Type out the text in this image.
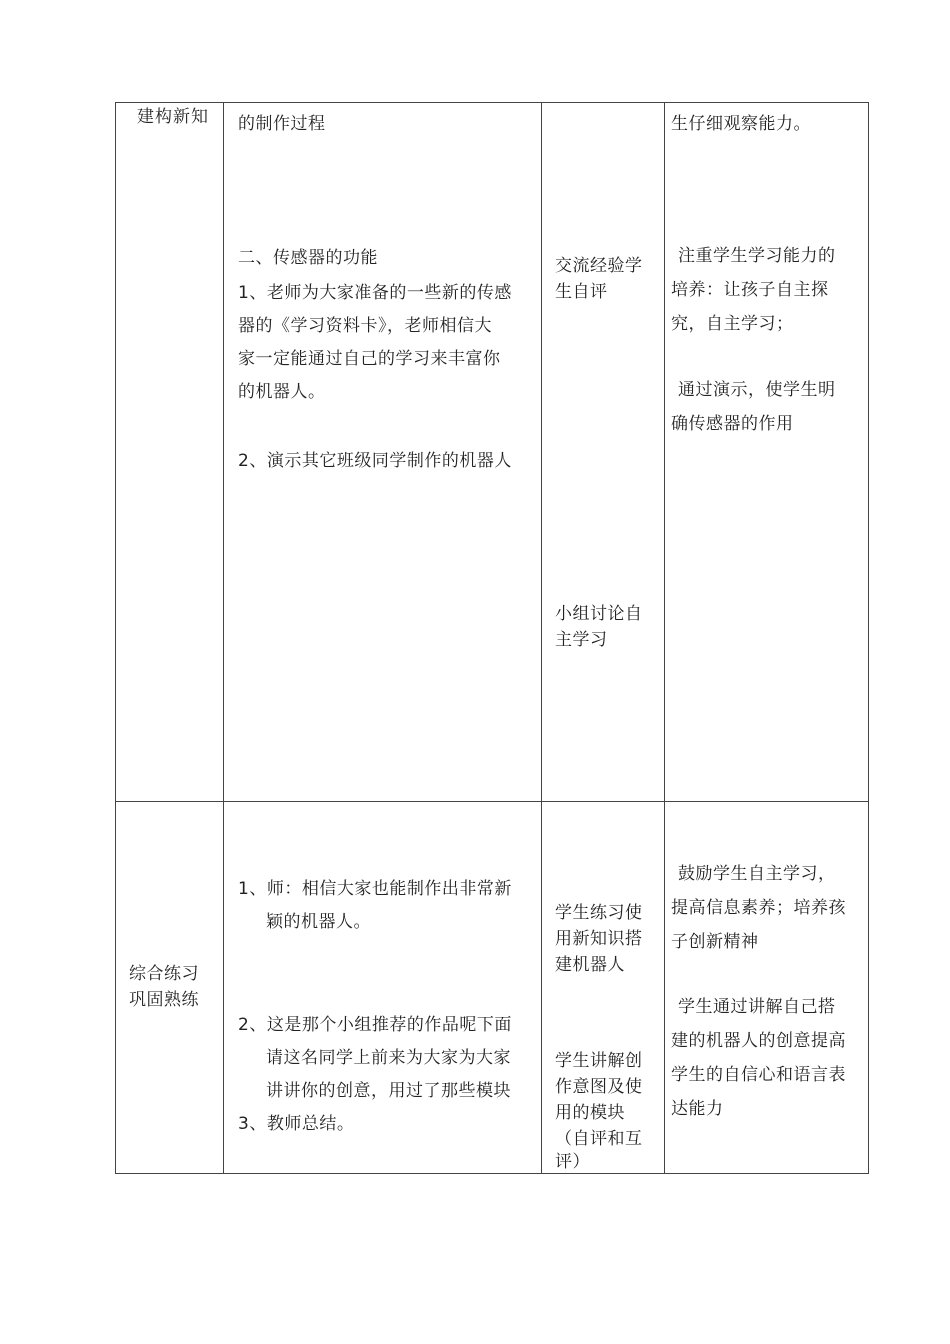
建构新知 的制作过程
二、传感器的功能
1、老师为大家准备的一些新的传感
器的《学习资料卡》，老师相信大
家一定能通过自己的学习来丰富你
的机器人。
2、演示其它班级同学制作的机器人
交流经验学
生自评
小组讨论自
主学习
生仔细观察能力。
注重学生学习能力的
培养：让孩子自主探
究，自主学习；
通过演示，使学生明
确传感器的作用
综合练习
巩固熟练
1、师：相信大家也能制作出非常新
颖的机器人。
2、这是那个小组推荐的作品呢下面
请这名同学上前来为大家为大家
讲讲你的创意，用过了那些模块
3、教师总结。
学生练习使
用新知识搭
建机器人
学生讲解创
作意图及使
用的模块
（自评和互
评）
鼓励学生自主学习，
提高信息素养；培养孩
子创新精神
学生通过讲解自己搭
建的机器人的创意提高
学生的自信心和语言表
达能力
